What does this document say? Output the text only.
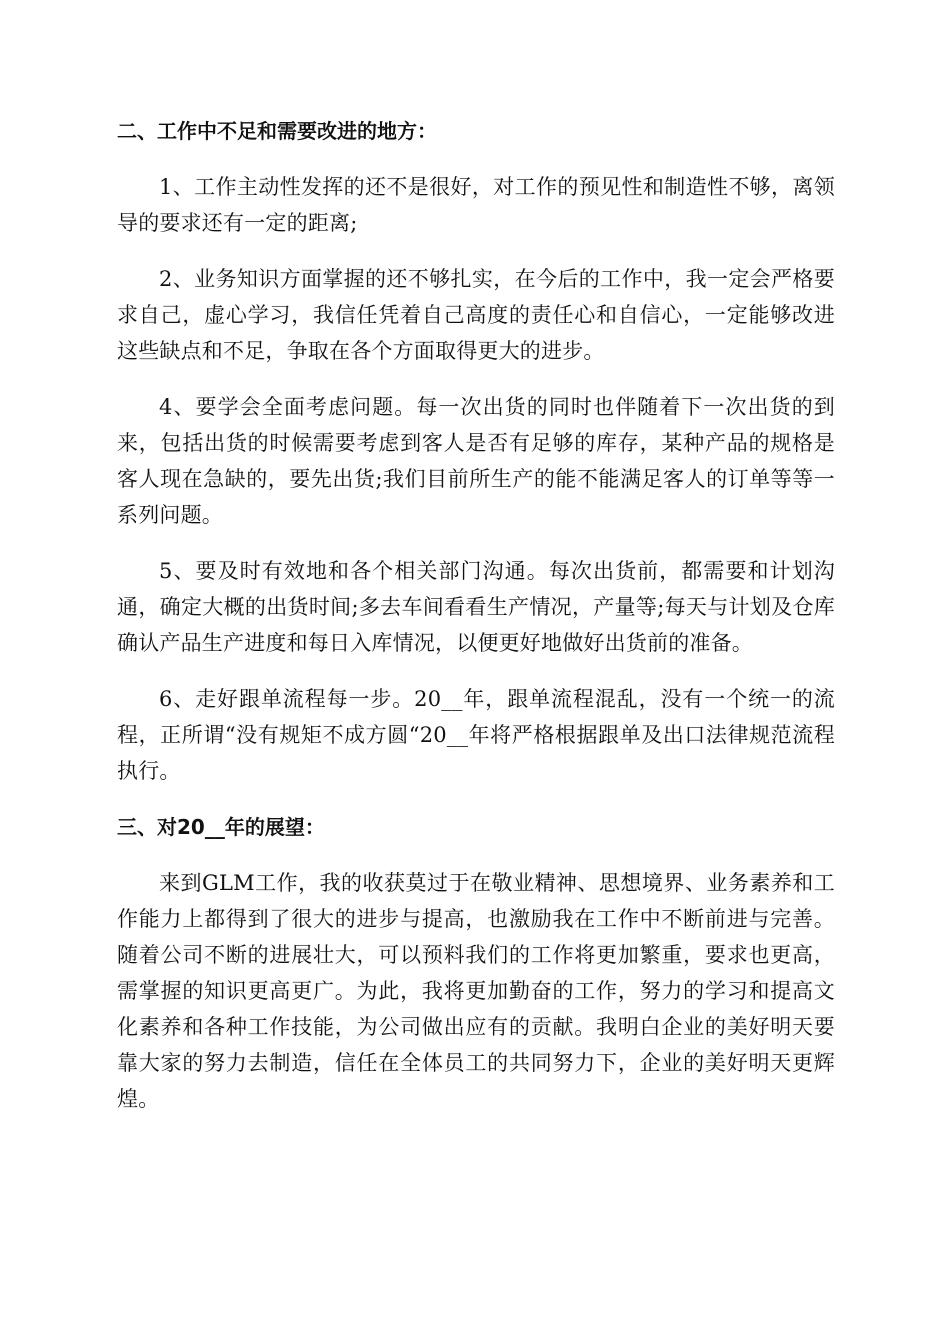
二、工作中不足和需要改进的地方：

1、工作主动性发挥的还不是很好，对工作的预见性和制造性不够，离领导的要求还有一定的距离;

2、业务知识方面掌握的还不够扎实，在今后的工作中，我一定会严格要求自己，虚心学习，我信任凭着自己高度的责任心和自信心，一定能够改进这些缺点和不足，争取在各个方面取得更大的进步。

4、要学会全面考虑问题。每一次出货的同时也伴随着下一次出货的到来，包括出货的时候需要考虑到客人是否有足够的库存，某种产品的规格是客人现在急缺的，要先出货;我们目前所生产的能不能满足客人的订单等等一系列问题。

5、要及时有效地和各个相关部门沟通。每次出货前，都需要和计划沟通，确定大概的出货时间;多去车间看看生产情况，产量等;每天与计划及仓库确认产品生产进度和每日入库情况，以便更好地做好出货前的准备。

6、走好跟单流程每一步。20__年，跟单流程混乱，没有一个统一的流程，正所谓“没有规矩不成方圆“20__年将严格根据跟单及出口法律规范流程执行。

三、对20__年的展望：

来到GLM工作，我的收获莫过于在敬业精神、思想境界、业务素养和工作能力上都得到了很大的进步与提高，也激励我在工作中不断前进与完善。随着公司不断的进展壮大，可以预料我们的工作将更加繁重，要求也更高，需掌握的知识更高更广。为此，我将更加勤奋的工作，努力的学习和提高文化素养和各种工作技能，为公司做出应有的贡献。我明白企业的美好明天要靠大家的努力去制造，信任在全体员工的共同努力下，企业的美好明天更辉煌。
